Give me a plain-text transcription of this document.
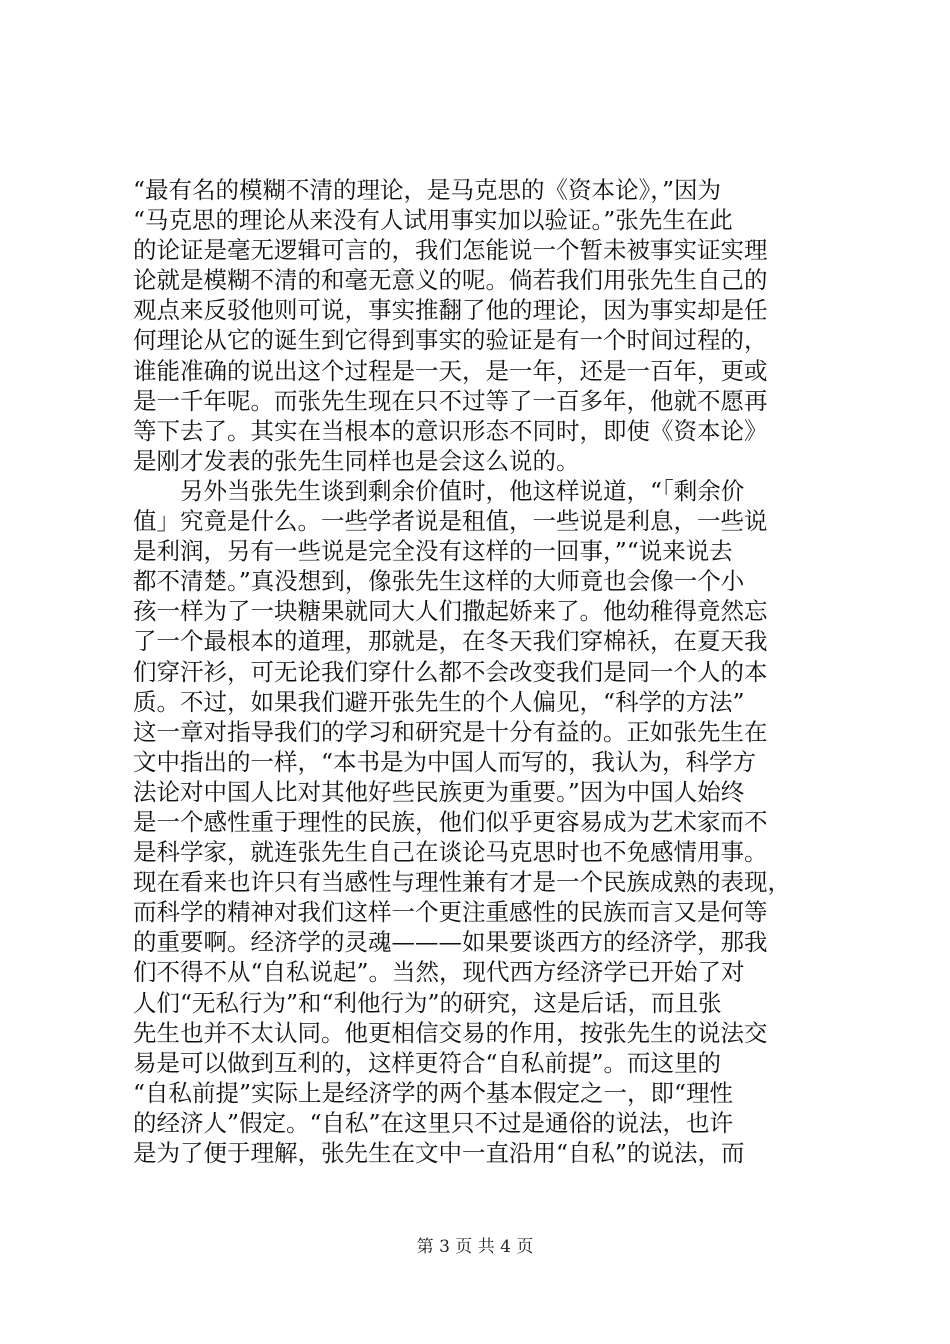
“最有名的模糊不清的理论，是马克思的《资本论》，”因为
“马克思的理论从来没有人试用事实加以验证。”张先生在此
的论证是毫无逻辑可言的，我们怎能说一个暂未被事实证实理
论就是模糊不清的和毫无意义的呢。倘若我们用张先生自己的
观点来反驳他则可说，事实推翻了他的理论，因为事实却是任
何理论从它的诞生到它得到事实的验证是有一个时间过程的，
谁能准确的说出这个过程是一天，是一年，还是一百年，更或
是一千年呢。而张先生现在只不过等了一百多年，他就不愿再
等下去了。其实在当根本的意识形态不同时，即使《资本论》
是刚才发表的张先生同样也是会这么说的。
另外当张先生谈到剩余价值时，他这样说道，“「剩余价
值」究竟是什么。一些学者说是租值，一些说是利息，一些说
是利润，另有一些说是完全没有这样的一回事，”“说来说去
都不清楚。”真没想到，像张先生这样的大师竟也会像一个小
孩一样为了一块糖果就同大人们撒起娇来了。他幼稚得竟然忘
了一个最根本的道理，那就是，在冬天我们穿棉袄，在夏天我
们穿汗衫，可无论我们穿什么都不会改变我们是同一个人的本
质。不过，如果我们避开张先生的个人偏见，“科学的方法”
这一章对指导我们的学习和研究是十分有益的。正如张先生在
文中指出的一样，“本书是为中国人而写的，我认为，科学方
法论对中国人比对其他好些民族更为重要。”因为中国人始终
是一个感性重于理性的民族，他们似乎更容易成为艺术家而不
是科学家，就连张先生自己在谈论马克思时也不免感情用事。
现在看来也许只有当感性与理性兼有才是一个民族成熟的表现，
而科学的精神对我们这样一个更注重感性的民族而言又是何等
的重要啊。经济学的灵魂———如果要谈西方的经济学，那我
们不得不从“自私说起”。当然，现代西方经济学已开始了对
人们“无私行为”和“利他行为”的研究，这是后话，而且张
先生也并不太认同。他更相信交易的作用，按张先生的说法交
易是可以做到互利的，这样更符合“自私前提”。而这里的
“自私前提”实际上是经济学的两个基本假定之一，即“理性
的经济人”假定。“自私”在这里只不过是通俗的说法，也许
是为了便于理解，张先生在文中一直沿用“自私”的说法，而
第 3 页 共 4 页
